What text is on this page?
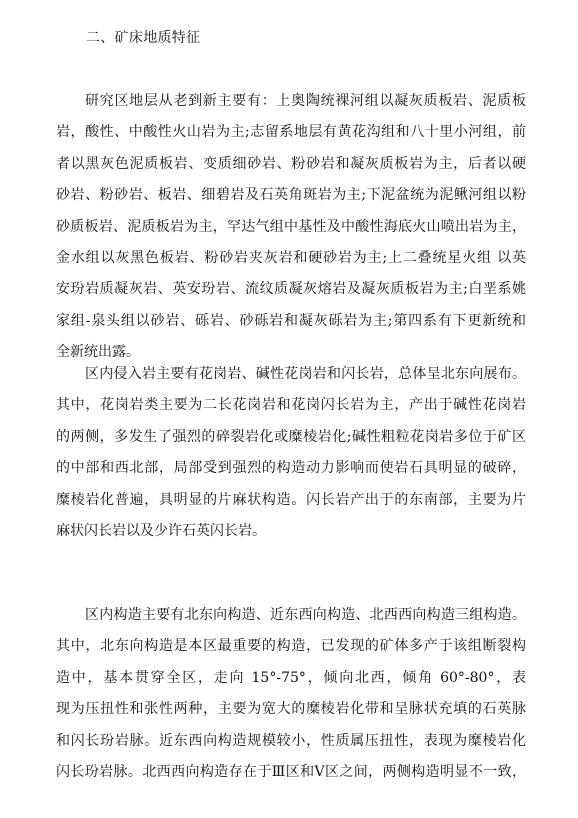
二、矿床地质特征
研究区地层从老到新主要有：上奥陶统裸河组以凝灰质板岩、泥质板
岩，酸性、中酸性火山岩为主;志留系地层有黄花沟组和八十里小河组，前
者以黑灰色泥质板岩、变质细砂岩、粉砂岩和凝灰质板岩为主，后者以硬
砂岩、粉砂岩、板岩、细碧岩及石英角斑岩为主;下泥盆统为泥鳅河组以粉
砂质板岩、泥质板岩为主，罕达气组中基性及中酸性海底火山喷出岩为主，
金水组以灰黑色板岩、粉砂岩夹灰岩和硬砂岩为主;上二叠统星火组 以英
安玢岩质凝灰岩、英安玢岩、流纹质凝灰熔岩及凝灰质板岩为主;白垩系姚
家组-泉头组以砂岩、砾岩、砂砾岩和凝灰砾岩为主;第四系有下更新统和
全新统出露。
区内侵入岩主要有花岗岩、碱性花岗岩和闪长岩，总体呈北东向展布。
其中，花岗岩类主要为二长花岗岩和花岗闪长岩为主，产出于碱性花岗岩
的两侧，多发生了强烈的碎裂岩化或糜棱岩化;碱性粗粒花岗岩多位于矿区
的中部和西北部，局部受到强烈的构造动力影响而使岩石具明显的破碎，
糜棱岩化普遍，具明显的片麻状构造。闪长岩产出于的东南部，主要为片
麻状闪长岩以及少许石英闪长岩。
区内构造主要有北东向构造、近东西向构造、北西西向构造三组构造。
其中，北东向构造是本区最重要的构造，已发现的矿体多产于该组断裂构
造中，基本贯穿全区，走向 15°-75°，倾向北西，倾角 60°-80°，表
现为压扭性和张性两种，主要为宽大的糜棱岩化带和呈脉状充填的石英脉
和闪长玢岩脉。近东西向构造规模较小，性质属压扭性，表现为糜棱岩化
闪长玢岩脉。北西西向构造存在于Ⅲ区和Ⅴ区之间，两侧构造明显不一致，
